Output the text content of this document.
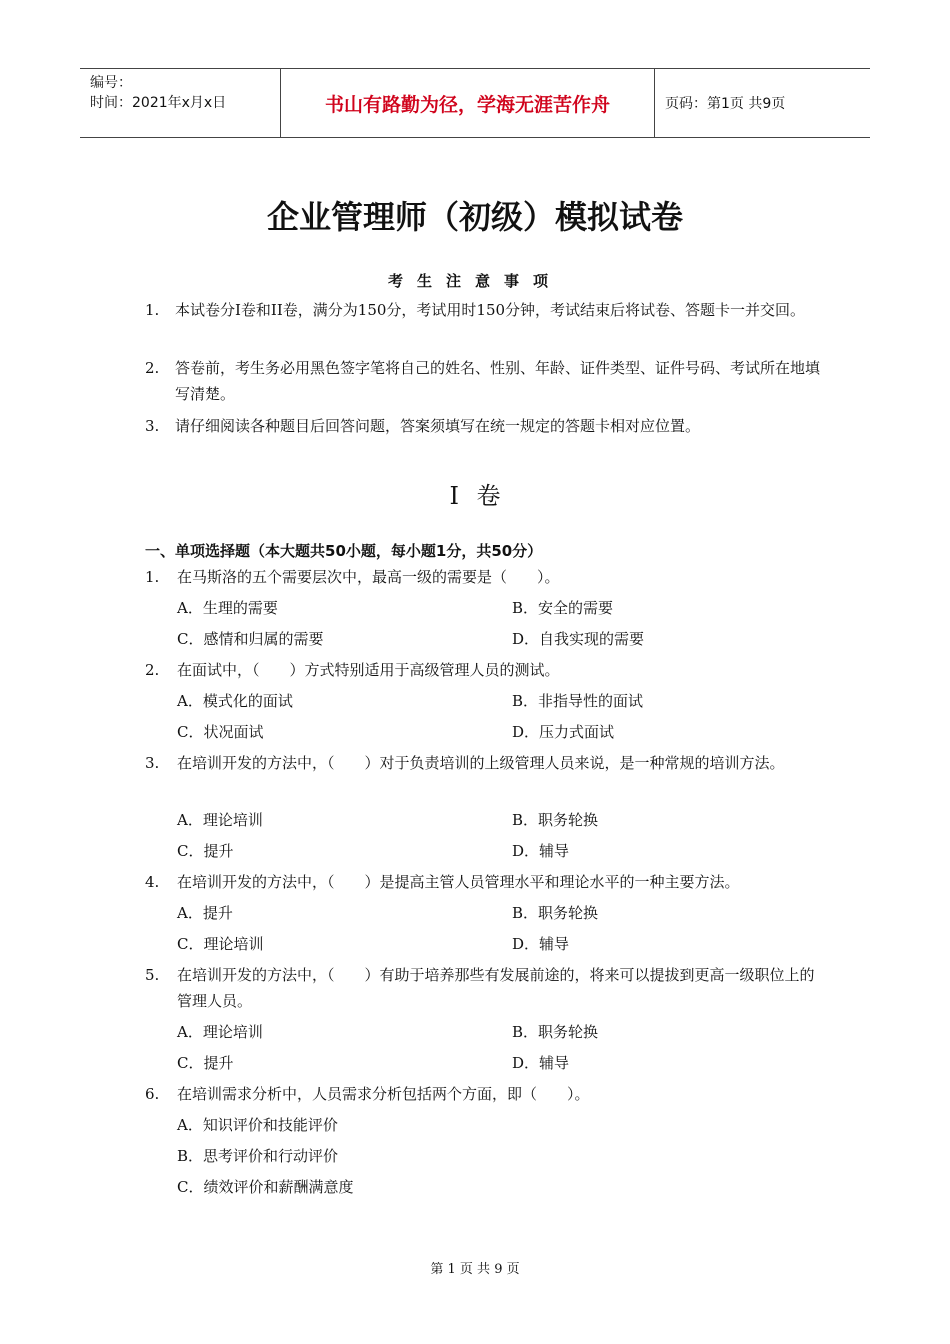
编号：
时间：2021年x月x日	书山有路勤为径，学海无涯苦作舟	页码：第1页 共9页
企业管理师（初级）模拟试卷
考生注意事项
1. 本试卷分I卷和II卷，满分为150分，考试用时150分钟，考试结束后将试卷、答题卡一并交回。
2. 答卷前，考生务必用黑色签字笔将自己的姓名、性别、年龄、证件类型、证件号码、考试所在地填写清楚。
3. 请仔细阅读各种题目后回答问题，答案须填写在统一规定的答题卡相对应位置。
I 卷
一、单项选择题（本大题共50小题，每小题1分，共50分）
1. 在马斯洛的五个需要层次中，最高一级的需要是（　　）。
A．生理的需要	B．安全的需要
C．感情和归属的需要	D．自我实现的需要
2. 在面试中，（　　）方式特别适用于高级管理人员的测试。
A．模式化的面试	B．非指导性的面试
C．状况面试	D．压力式面试
3. 在培训开发的方法中，（　　）对于负责培训的上级管理人员来说，是一种常规的培训方法。
A．理论培训	B．职务轮换
C．提升	D．辅导
4. 在培训开发的方法中，（　　）是提高主管人员管理水平和理论水平的一种主要方法。
A．提升	B．职务轮换
C．理论培训	D．辅导
5. 在培训开发的方法中，（　　）有助于培养那些有发展前途的，将来可以提拔到更高一级职位上的管理人员。
A．理论培训	B．职务轮换
C．提升	D．辅导
6. 在培训需求分析中，人员需求分析包括两个方面，即（　　）。
A．知识评价和技能评价
B．思考评价和行动评价
C．绩效评价和薪酬满意度
第 1 页 共 9 页
